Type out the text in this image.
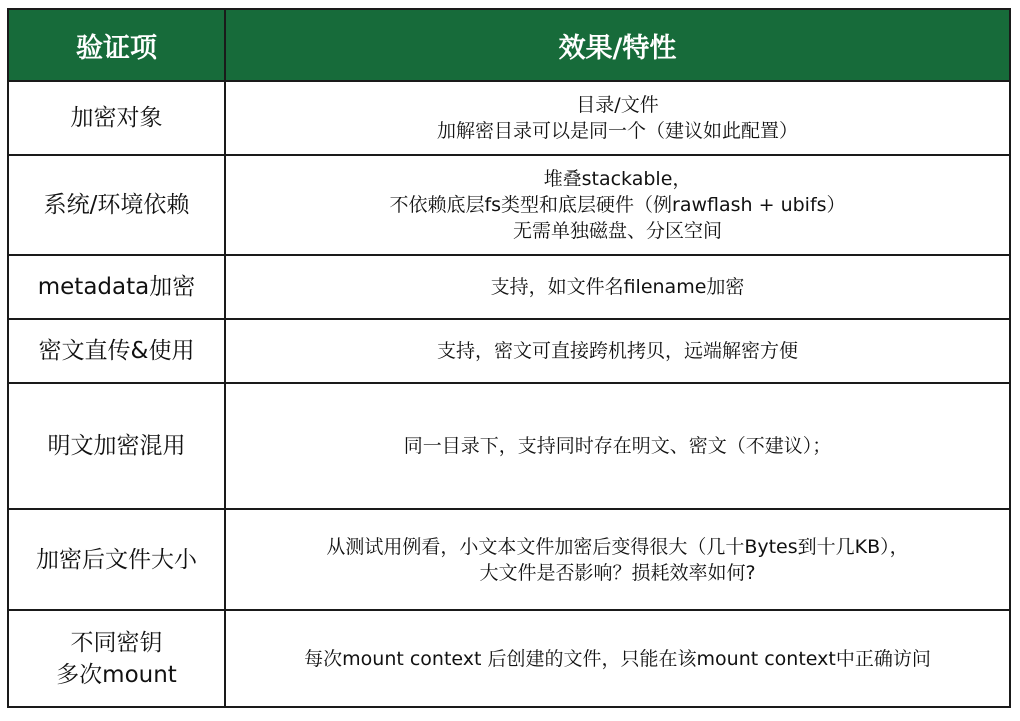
验证项	效果/特性

加密对象	目录/文件
加解密目录可以是同一个（建议如此配置）

系统/环境依赖	堆叠stackable，
不依赖底层fs类型和底层硬件（例rawflash + ubifs）
无需单独磁盘、分区空间

metadata加密	支持，如文件名filename加密

密文直传&使用	支持，密文可直接跨机拷贝，远端解密方便

明文加密混用	同一目录下，支持同时存在明文、密文（不建议）；

加密后文件大小	从测试用例看，小文本文件加密后变得很大（几十Bytes到十几KB），
大文件是否影响？损耗效率如何?

不同密钥
多次mount	每次mount context 后创建的文件，只能在该mount context中正确访问
